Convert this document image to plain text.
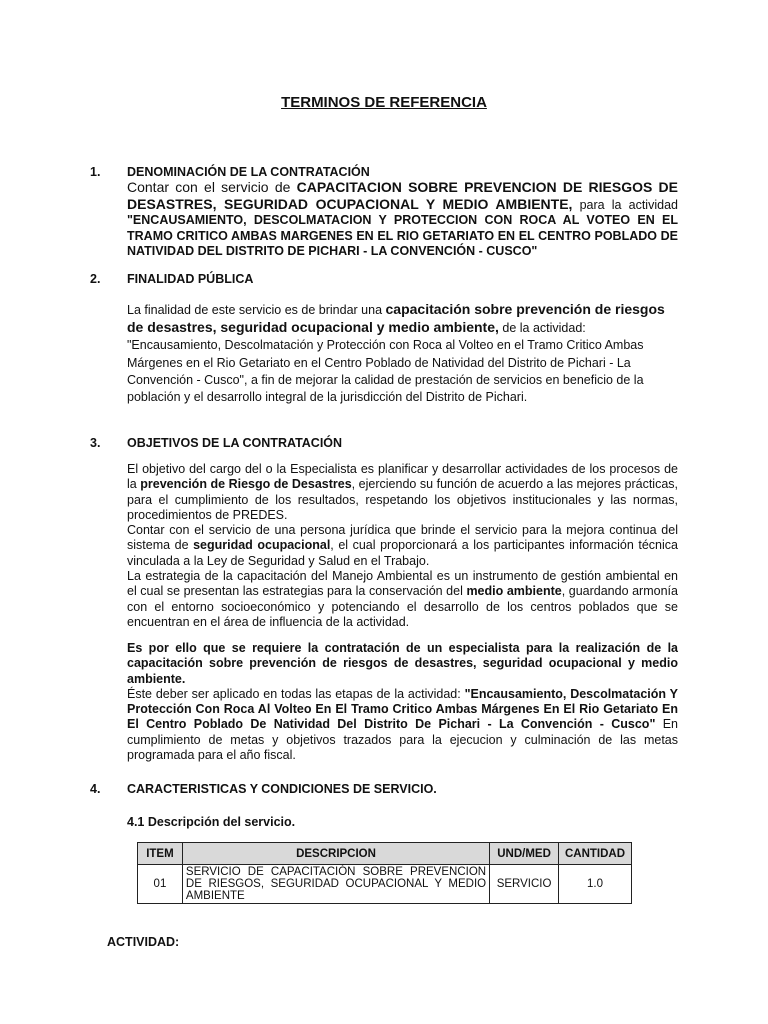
TERMINOS DE REFERENCIA
1. DENOMINACIÓN DE LA CONTRATACIÓN

Contar con el servicio de CAPACITACION SOBRE PREVENCION DE RIESGOS DE DESASTRES, SEGURIDAD OCUPACIONAL Y MEDIO AMBIENTE, para la actividad "ENCAUSAMIENTO, DESCOLMATACION Y PROTECCION CON ROCA AL VOTEO EN EL TRAMO CRITICO AMBAS MARGENES EN EL RIO GETARIATO EN EL CENTRO POBLADO DE NATIVIDAD DEL DISTRITO DE PICHARI - LA CONVENCIÓN - CUSCO"

2. FINALIDAD PÚBLICA

La finalidad de este servicio es de brindar una capacitación sobre prevención de riesgos de desastres, seguridad ocupacional y medio ambiente, de la actividad: "Encausamiento, Descolmatación y Protección con Roca al Volteo en el Tramo Critico Ambas Márgenes en el Rio Getariato en el Centro Poblado de Natividad del Distrito de Pichari - La Convención - Cusco", a fin de mejorar la calidad de prestación de servicios en beneficio de la población y el desarrollo integral de la jurisdicción del Distrito de Pichari.

3. OBJETIVOS DE LA CONTRATACIÓN

El objetivo del cargo del o la Especialista es planificar y desarrollar actividades de los procesos de la prevención de Riesgo de Desastres, ejerciendo su función de acuerdo a las mejores prácticas, para el cumplimiento de los resultados, respetando los objetivos institucionales y las normas, procedimientos de PREDES.

Contar con el servicio de una persona jurídica que brinde el servicio para la mejora continua del sistema de seguridad ocupacional, el cual proporcionará a los participantes información técnica vinculada a la Ley de Seguridad y Salud en el Trabajo.

La estrategia de la capacitación del Manejo Ambiental es un instrumento de gestión ambiental en el cual se presentan las estrategias para la conservación del medio ambiente, guardando armonía con el entorno socioeconómico y potenciando el desarrollo de los centros poblados que se encuentran en el área de influencia de la actividad.

Es por ello que se requiere la contratación de un especialista para la realización de la capacitación sobre prevención de riesgos de desastres, seguridad ocupacional y medio ambiente.

Éste deber ser aplicado en todas las etapas de la actividad: "Encausamiento, Descolmatación Y Protección Con Roca Al Volteo En El Tramo Critico Ambas Márgenes En El Rio Getariato En El Centro Poblado De Natividad Del Distrito De Pichari - La Convención - Cusco" En cumplimiento de metas y objetivos trazados para la ejecucion y culminación de las metas programada para el año fiscal.

4. CARACTERISTICAS Y CONDICIONES DE SERVICIO.
4.1 Descripción del servicio.
ITEM	DESCRIPCION	UND/MED	CANTIDAD
01	SERVICIO DE CAPACITACIÓN SOBRE PREVENCION DE RIESGOS, SEGURIDAD OCUPACIONAL Y MEDIO AMBIENTE	SERVICIO	1.0
ACTIVIDAD:
